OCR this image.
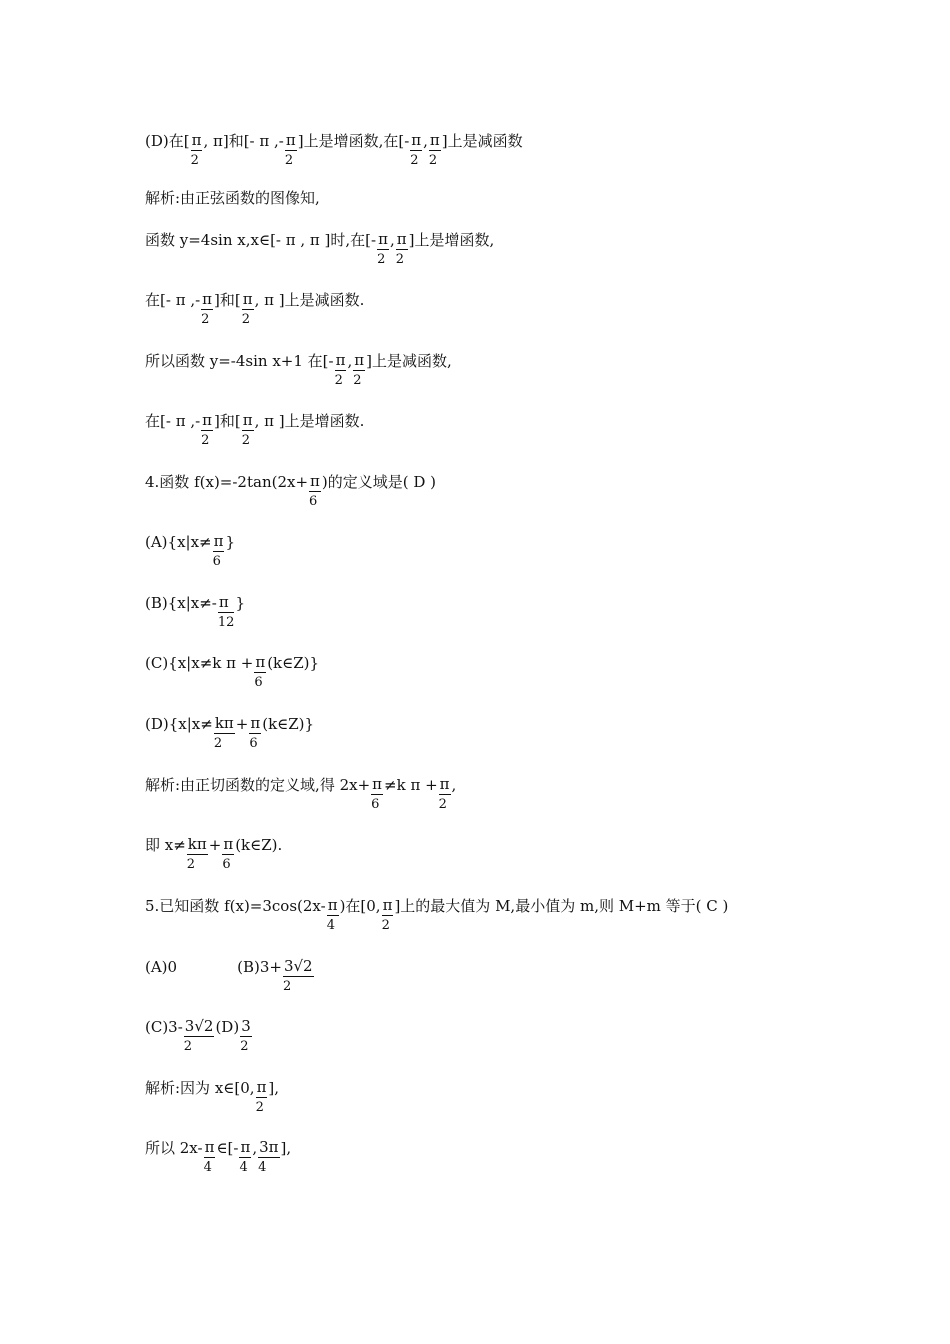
(D)在[ $\frac{\pi}{2}$ , π]和[- π ,- $\frac{\pi}{2}$ ]上是增函数,在[- $\frac{\pi}{2}$ , $\frac{\pi}{2}$ ]上是减函数
解析:由正弦函数的图像知,
函数 y=4sin x,x∈[- π , π ]时,在[- $\frac{\pi}{2}$ , $\frac{\pi}{2}$ ]上是增函数,
在[- π ,- $\frac{\pi}{2}$ ]和[ $\frac{\pi}{2}$ , π ]上是减函数.
所以函数 y=-4sin x+1 在[- $\frac{\pi}{2}$ , $\frac{\pi}{2}$ ]上是减函数,
在[- π ,- $\frac{\pi}{2}$ ]和[ $\frac{\pi}{2}$ , π ]上是增函数.
4.函数 $f(x)=-2\tan(2x+ \frac{\pi}{6}$ )的定义域是( D )
$(A)\{x|x\ne \frac{\pi}{6}$ }
$(B)\{x|x\ne- \frac{\pi}{12}$ }
(C){x|x≠k $\pi + \frac{\pi}{6}$ (k∈Z)}
$(D)\{x|x\ne \frac{k\pi}{2} + \frac{\pi}{6}$ (k∈Z)}
解析:由正切函数的定义域,得 $2x+ \frac{\pi}{6} \ne k$ $\pi + \frac{\pi}{2}$ ,
即 $x\ne \frac{k\pi}{2} + \frac{\pi}{6}$ (k∈Z).
5.已知函数 $f(x)=3\cos(2x- \frac{\pi}{4}$ )在[0, $\frac{\pi}{2}$ ]上的最大值为 M,最小值为 m,则 M+m 等于( C )
(A)0	$(B)3+ \frac{3√2}{2}$
$(C)3- \frac{3√2}{2} (D) \frac{3}{2}$
解析:因为 x∈[0, $\frac{\pi}{2}$ ],
所以 $2x- \frac{\pi}{4}$ ∈[- $\frac{\pi}{4}$ , $\frac{3\pi}{4}$ ],
